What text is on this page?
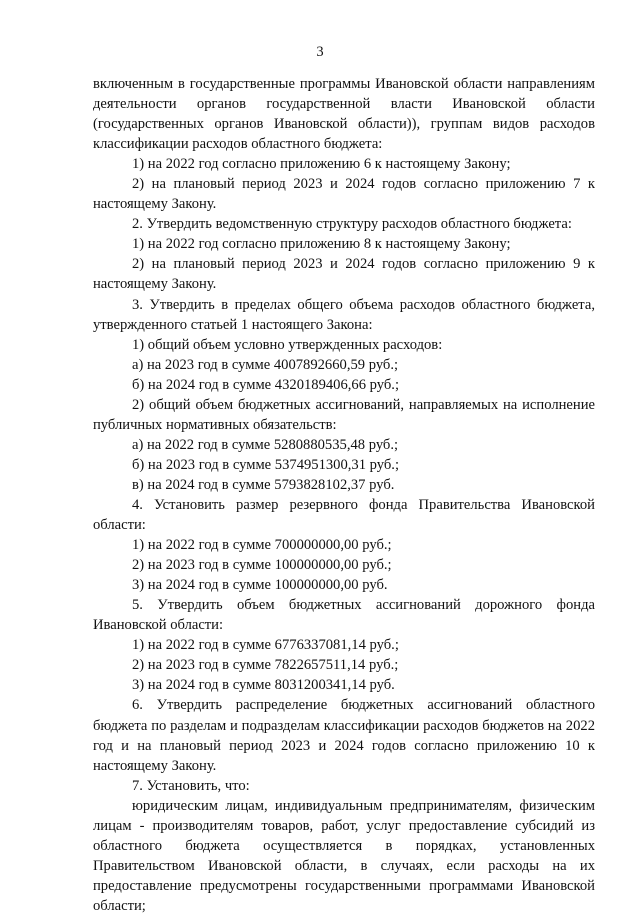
3

включенным в государственные программы Ивановской области направлениям деятельности органов государственной власти Ивановской области (государственных органов Ивановской области)), группам видов расходов классификации расходов областного бюджета:

1) на 2022 год согласно приложению 6 к настоящему Закону;

2) на плановый период 2023 и 2024 годов согласно приложению 7 к настоящему Закону.

2. Утвердить ведомственную структуру расходов областного бюджета:

1) на 2022 год согласно приложению 8 к настоящему Закону;

2) на плановый период 2023 и 2024 годов согласно приложению 9 к настоящему Закону.

3. Утвердить в пределах общего объема расходов областного бюджета, утвержденного статьей 1 настоящего Закона:

1) общий объем условно утвержденных расходов:

а) на 2023 год в сумме 4007892660,59 руб.;

б) на 2024 год в сумме 4320189406,66 руб.;

2) общий объем бюджетных ассигнований, направляемых на исполнение публичных нормативных обязательств:

а) на 2022 год в сумме 5280880535,48 руб.;

б) на 2023 год в сумме 5374951300,31 руб.;

в) на 2024 год в сумме 5793828102,37 руб.

4. Установить размер резервного фонда Правительства Ивановской области:

1) на 2022 год в сумме 700000000,00 руб.;

2) на 2023 год в сумме 100000000,00 руб.;

3) на 2024 год в сумме 100000000,00 руб.

5. Утвердить объем бюджетных ассигнований дорожного фонда Ивановской области:

1) на 2022 год в сумме 6776337081,14 руб.;

2) на 2023 год в сумме 7822657511,14 руб.;

3) на 2024 год в сумме 8031200341,14 руб.

6. Утвердить распределение бюджетных ассигнований областного бюджета по разделам и подразделам классификации расходов бюджетов на 2022 год и на плановый период 2023 и 2024 годов согласно приложению 10 к настоящему Закону.

7. Установить, что:

юридическим лицам, индивидуальным предпринимателям, физическим лицам - производителям товаров, работ, услуг предоставление субсидий из областного бюджета осуществляется в порядках, установленных Правительством Ивановской области, в случаях, если расходы на их предоставление предусмотрены государственными программами Ивановской области;
